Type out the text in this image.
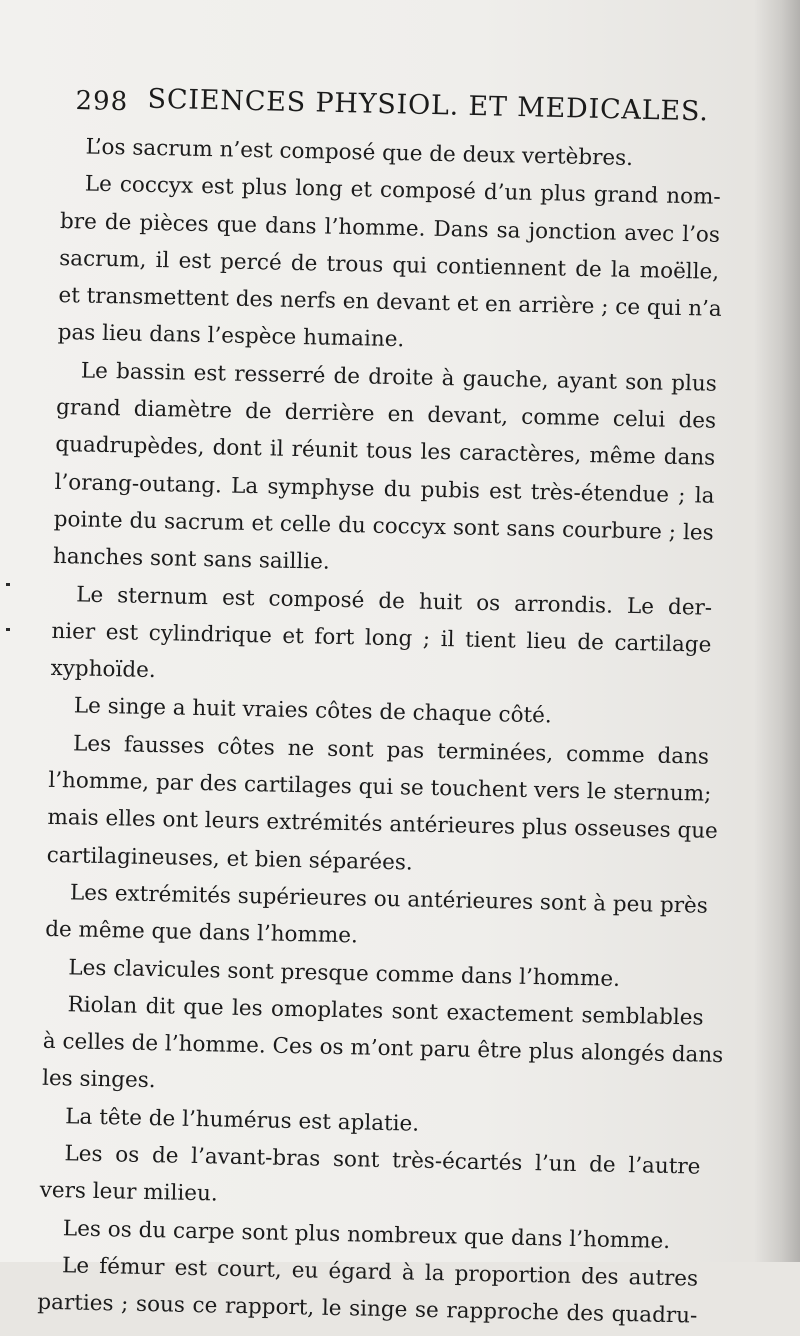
298 SCIENCES PHYSIOL. ET MEDICALES.
L’os sacrum n’est composé que de deux vertèbres.
Le coccyx est plus long et composé d’un plus grand nom-
bre de pièces que dans l’homme. Dans sa jonction avec l’os
sacrum, il est percé de trous qui contiennent de la moëlle,
et transmettent des nerfs en devant et en arrière ; ce qui n’a
pas lieu dans l’espèce humaine.
Le bassin est resserré de droite à gauche, ayant son plus
grand diamètre de derrière en devant, comme celui des
quadrupèdes, dont il réunit tous les caractères, même dans
l’orang-outang. La symphyse du pubis est très-étendue ; la
pointe du sacrum et celle du coccyx sont sans courbure ; les
hanches sont sans saillie.
Le sternum est composé de huit os arrondis. Le der-
nier est cylindrique et fort long ; il tient lieu de cartilage
xyphoïde.
Le singe a huit vraies côtes de chaque côté.
Les fausses côtes ne sont pas terminées, comme dans
l’homme, par des cartilages qui se touchent vers le sternum;
mais elles ont leurs extrémités antérieures plus osseuses que
cartilagineuses, et bien séparées.
Les extrémités supérieures ou antérieures sont à peu près
de même que dans l’homme.
Les clavicules sont presque comme dans l’homme.
Riolan dit que les omoplates sont exactement semblables
à celles de l’homme. Ces os m’ont paru être plus alongés dans
les singes.
La tête de l’humérus est aplatie.
Les os de l’avant-bras sont très-écartés l’un de l’autre
vers leur milieu.
Les os du carpe sont plus nombreux que dans l’homme.
Le fémur est court, eu égard à la proportion des autres
parties ; sous ce rapport, le singe se rapproche des quadru-
